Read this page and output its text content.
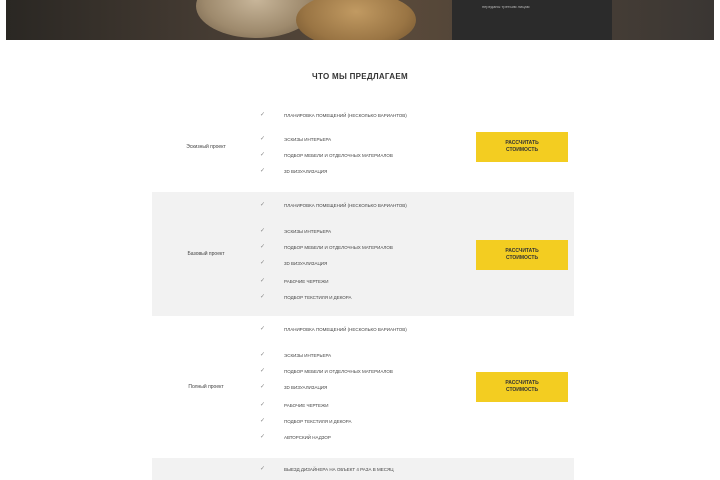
переданы третьим лицам
ЧТО МЫ ПРЕДЛАГАЕМ
Эскизный проект
✓	ПЛАНИРОВКА ПОМЕЩЕНИЙ (НЕСКОЛЬКО ВАРИАНТОВ)
✓	ЭСКИЗЫ ИНТЕРЬЕРА
✓	ПОДБОР МЕБЕЛИ И ОТДЕЛОЧНЫХ МАТЕРИАЛОВ
✓	3D ВИЗУАЛИЗАЦИЯ
РАССЧИТАТЬ СТОИМОСТЬ
Базовый проект
✓	ПЛАНИРОВКА ПОМЕЩЕНИЙ (НЕСКОЛЬКО ВАРИАНТОВ)
✓	ЭСКИЗЫ ИНТЕРЬЕРА
✓	ПОДБОР МЕБЕЛИ И ОТДЕЛОЧНЫХ МАТЕРИАЛОВ
✓	3D ВИЗУАЛИЗАЦИЯ
✓	РАБОЧИЕ ЧЕРТЕЖИ
✓	ПОДБОР ТЕКСТИЛЯ И ДЕКОРА
РАССЧИТАТЬ СТОИМОСТЬ
Полный проект
✓	ПЛАНИРОВКА ПОМЕЩЕНИЙ (НЕСКОЛЬКО ВАРИАНТОВ)
✓	ЭСКИЗЫ ИНТЕРЬЕРА
✓	ПОДБОР МЕБЕЛИ И ОТДЕЛОЧНЫХ МАТЕРИАЛОВ
✓	3D ВИЗУАЛИЗАЦИЯ
✓	РАБОЧИЕ ЧЕРТЕЖИ
✓	ПОДБОР ТЕКСТИЛЯ И ДЕКОРА
✓	АВТОРСКИЙ НАДЗОР
РАССЧИТАТЬ СТОИМОСТЬ
✓	ВЫЕЗД ДИЗАЙНЕРА НА ОБЪЕКТ 4 РАЗА В МЕСЯЦ
